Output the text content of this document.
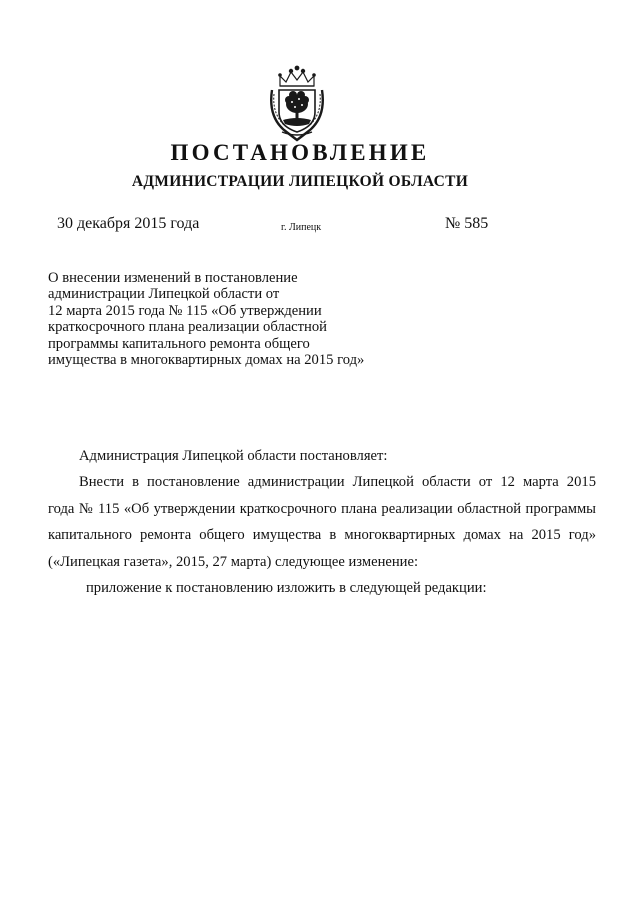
ПОСТАНОВЛЕНИЕ
АДМИНИСТРАЦИИ ЛИПЕЦКОЙ ОБЛАСТИ
30 декабря 2015 года	г. Липецк	№ 585
О внесении изменений в постановление
администрации Липецкой области от
12 марта 2015 года № 115 «Об утверждении
краткосрочного плана реализации областной
программы капитального ремонта общего
имущества в многоквартирных домах на 2015 год»
Администрация Липецкой области постановляет:
Внести в постановление администрации Липецкой области от 12 марта 2015
года № 115 «Об утверждении краткосрочного плана реализации областной программы
капитального ремонта общего имущества в многоквартирных домах на 2015 год»
(«Липецкая газета», 2015, 27 марта) следующее изменение:
приложение к постановлению изложить в следующей редакции:
